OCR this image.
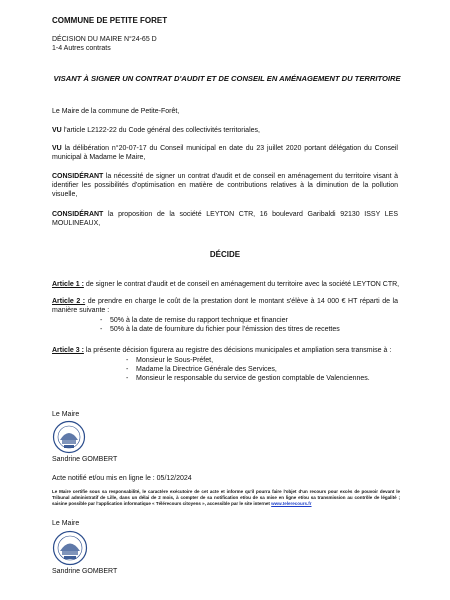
COMMUNE DE PETITE FORET
DÉCISION DU MAIRE N°24-65 D
1-4 Autres contrats
VISANT À SIGNER UN CONTRAT D'AUDIT ET DE CONSEIL EN AMÉNAGEMENT DU TERRITOIRE
Le Maire de la commune de Petite-Forêt,
VU l'article L2122-22 du Code général des collectivités territoriales,
VU la délibération n°20-07-17 du Conseil municipal en date du 23 juillet 2020 portant délégation du Conseil municipal à Madame le Maire,
CONSIDÉRANT la nécessité de signer un contrat d'audit et de conseil en aménagement du territoire visant à identifier les possibilités d'optimisation en matière de contributions relatives à la diminution de la pollution visuelle,
CONSIDÉRANT la proposition de la société LEYTON CTR, 16 boulevard Garibaldi 92130 ISSY LES MOULINEAUX,
DÉCIDE
Article 1 : de signer le contrat d'audit et de conseil en aménagement du territoire avec la société LEYTON CTR,
Article 2 : de prendre en charge le coût de la prestation dont le montant s'élève à 14 000 € HT réparti de la manière suivante :
- 50% à la date de remise du rapport technique et financier
- 50% à la date de fourniture du fichier pour l'émission des titres de recettes
Article 3 : la présente décision figurera au registre des décisions municipales et ampliation sera transmise à :
- Monsieur le Sous-Préfet,
- Madame la Directrice Générale des Services,
- Monsieur le responsable du service de gestion comptable de Valenciennes.
Le Maire
Sandrine GOMBERT
Acte notifié et/ou mis en ligne le : 05/12/2024
Le Maire certifie sous sa responsabilité, le caractère exécutoire de cet acte et informe qu'il pourra faire l'objet d'un recours pour excès de pouvoir devant le Tribunal administratif de Lille, dans un délai de 2 mois, à compter de sa notification et/ou de sa mise en ligne et/ou sa transmission au contrôle de légalité ; saisine possible par l'application informatique « Télérecours citoyens », accessible par le site internet www.telerecours.fr
Le Maire
Sandrine GOMBERT
